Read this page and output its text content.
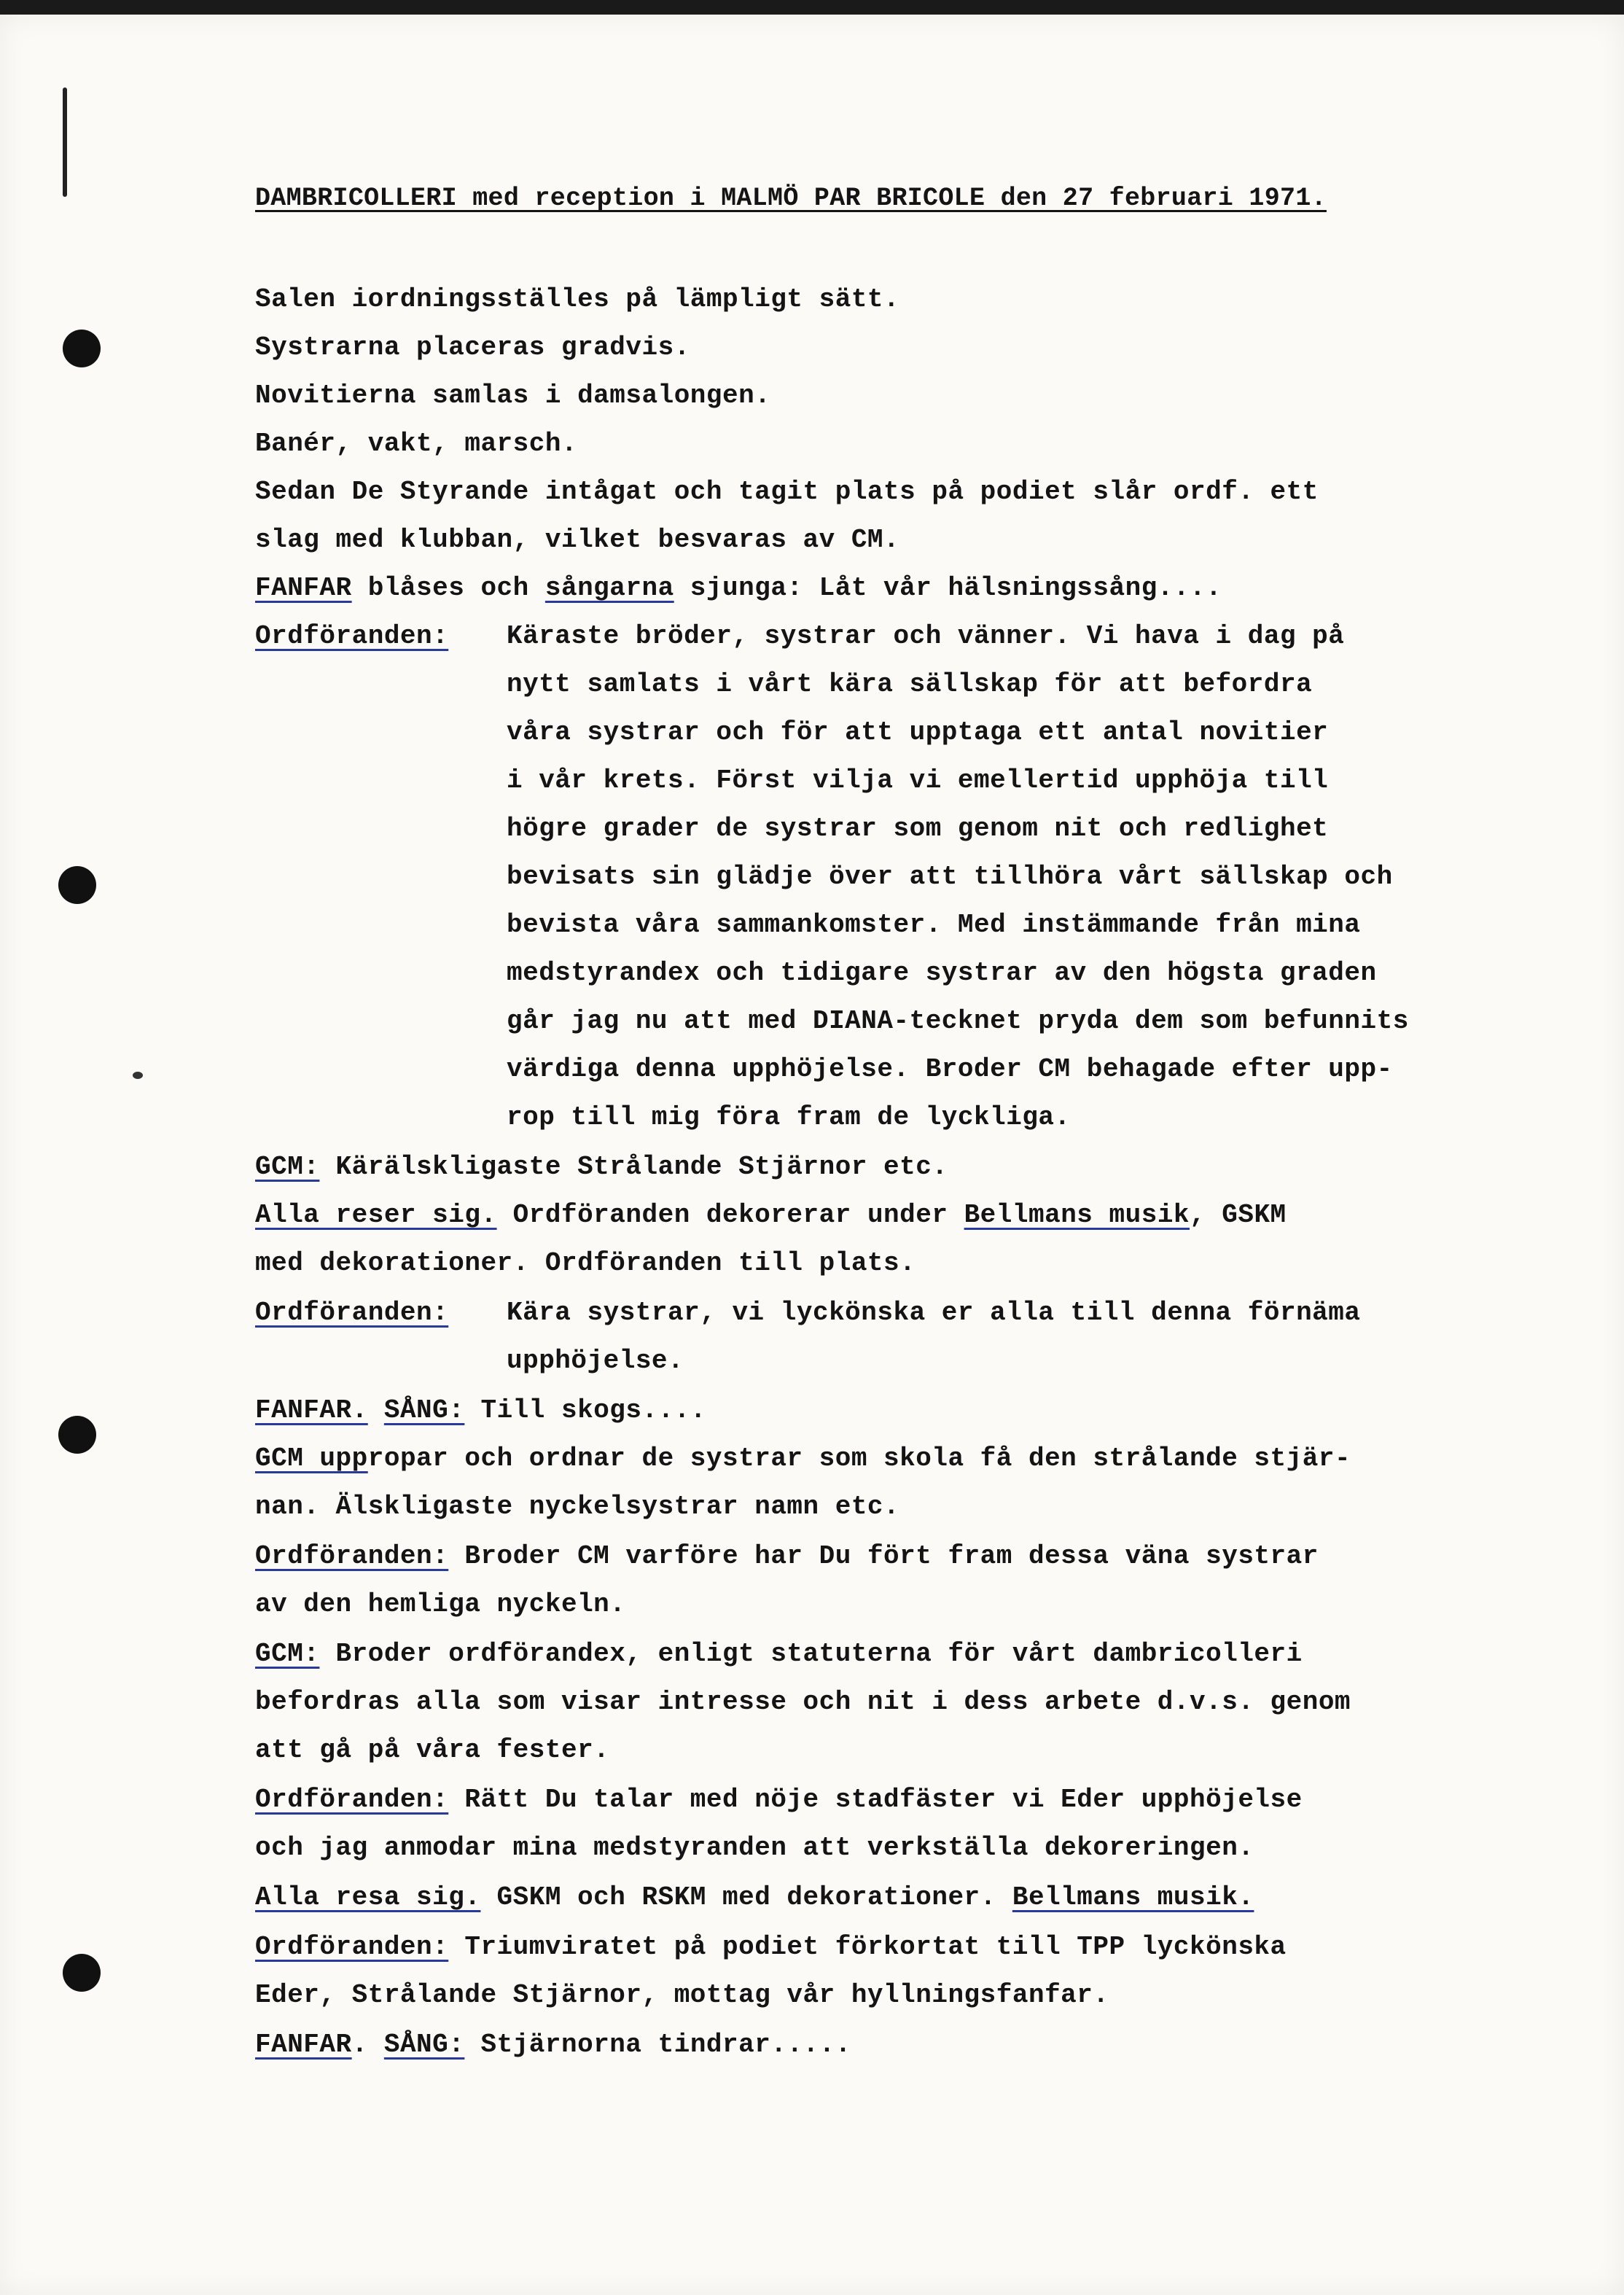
DAMBRICOLLERI med reception i MALMÖ PAR BRICOLE den 27 februari 1971.
Salen iordningsställes på lämpligt sätt.
Systrarna placeras gradvis.
Novitierna samlas i damsalongen.
Banér, vakt, marsch.
Sedan De Styrande intågat och tagit plats på podiet slår ordf. ett
slag med klubban, vilket besvaras av CM.
FANFAR blåses och sångarna sjunga: Låt vår hälsningssång....
Ordföranden: Käraste bröder, systrar och vänner. Vi hava i dag på
nytt samlats i vårt kära sällskap för att befordra
våra systrar och för att upptaga ett antal novitier
i vår krets. Först vilja vi emellertid upphöja till
högre grader de systrar som genom nit och redlighet
bevisats sin glädje över att tillhöra vårt sällskap och
bevista våra sammankomster. Med instämmande från mina
medstyrandex och tidigare systrar av den högsta graden
går jag nu att med DIANA-tecknet pryda dem som befunnits
värdiga denna upphöjelse. Broder CM behagade efter upp-
rop till mig föra fram de lyckliga.
GCM: Kärälskligaste Strålande Stjärnor etc.
Alla reser sig. Ordföranden dekorerar under Bellmans musik, GSKM
med dekorationer. Ordföranden till plats.
Ordföranden: Kära systrar, vi lyckönska er alla till denna förnäma
upphöjelse.
FANFAR. SÅNG: Till skogs....
GCM uppropar och ordnar de systrar som skola få den strålande stjär-
nan. Älskligaste nyckelsystrar namn etc.
Ordföranden: Broder CM varföre har Du fört fram dessa väna systrar
av den hemliga nyckeln.
GCM: Broder ordförandex, enligt statuterna för vårt dambricolleri
befordras alla som visar intresse och nit i dess arbete d.v.s. genom
att gå på våra fester.
Ordföranden: Rätt Du talar med nöje stadfäster vi Eder upphöjelse
och jag anmodar mina medstyranden att verkställa dekoreringen.
Alla resa sig. GSKM och RSKM med dekorationer. Bellmans musik.
Ordföranden: Triumviratet på podiet förkortat till TPP lyckönska
Eder, Strålande Stjärnor, mottag vår hyllningsfanfar.
FANFAR. SÅNG: Stjärnorna tindrar.....
